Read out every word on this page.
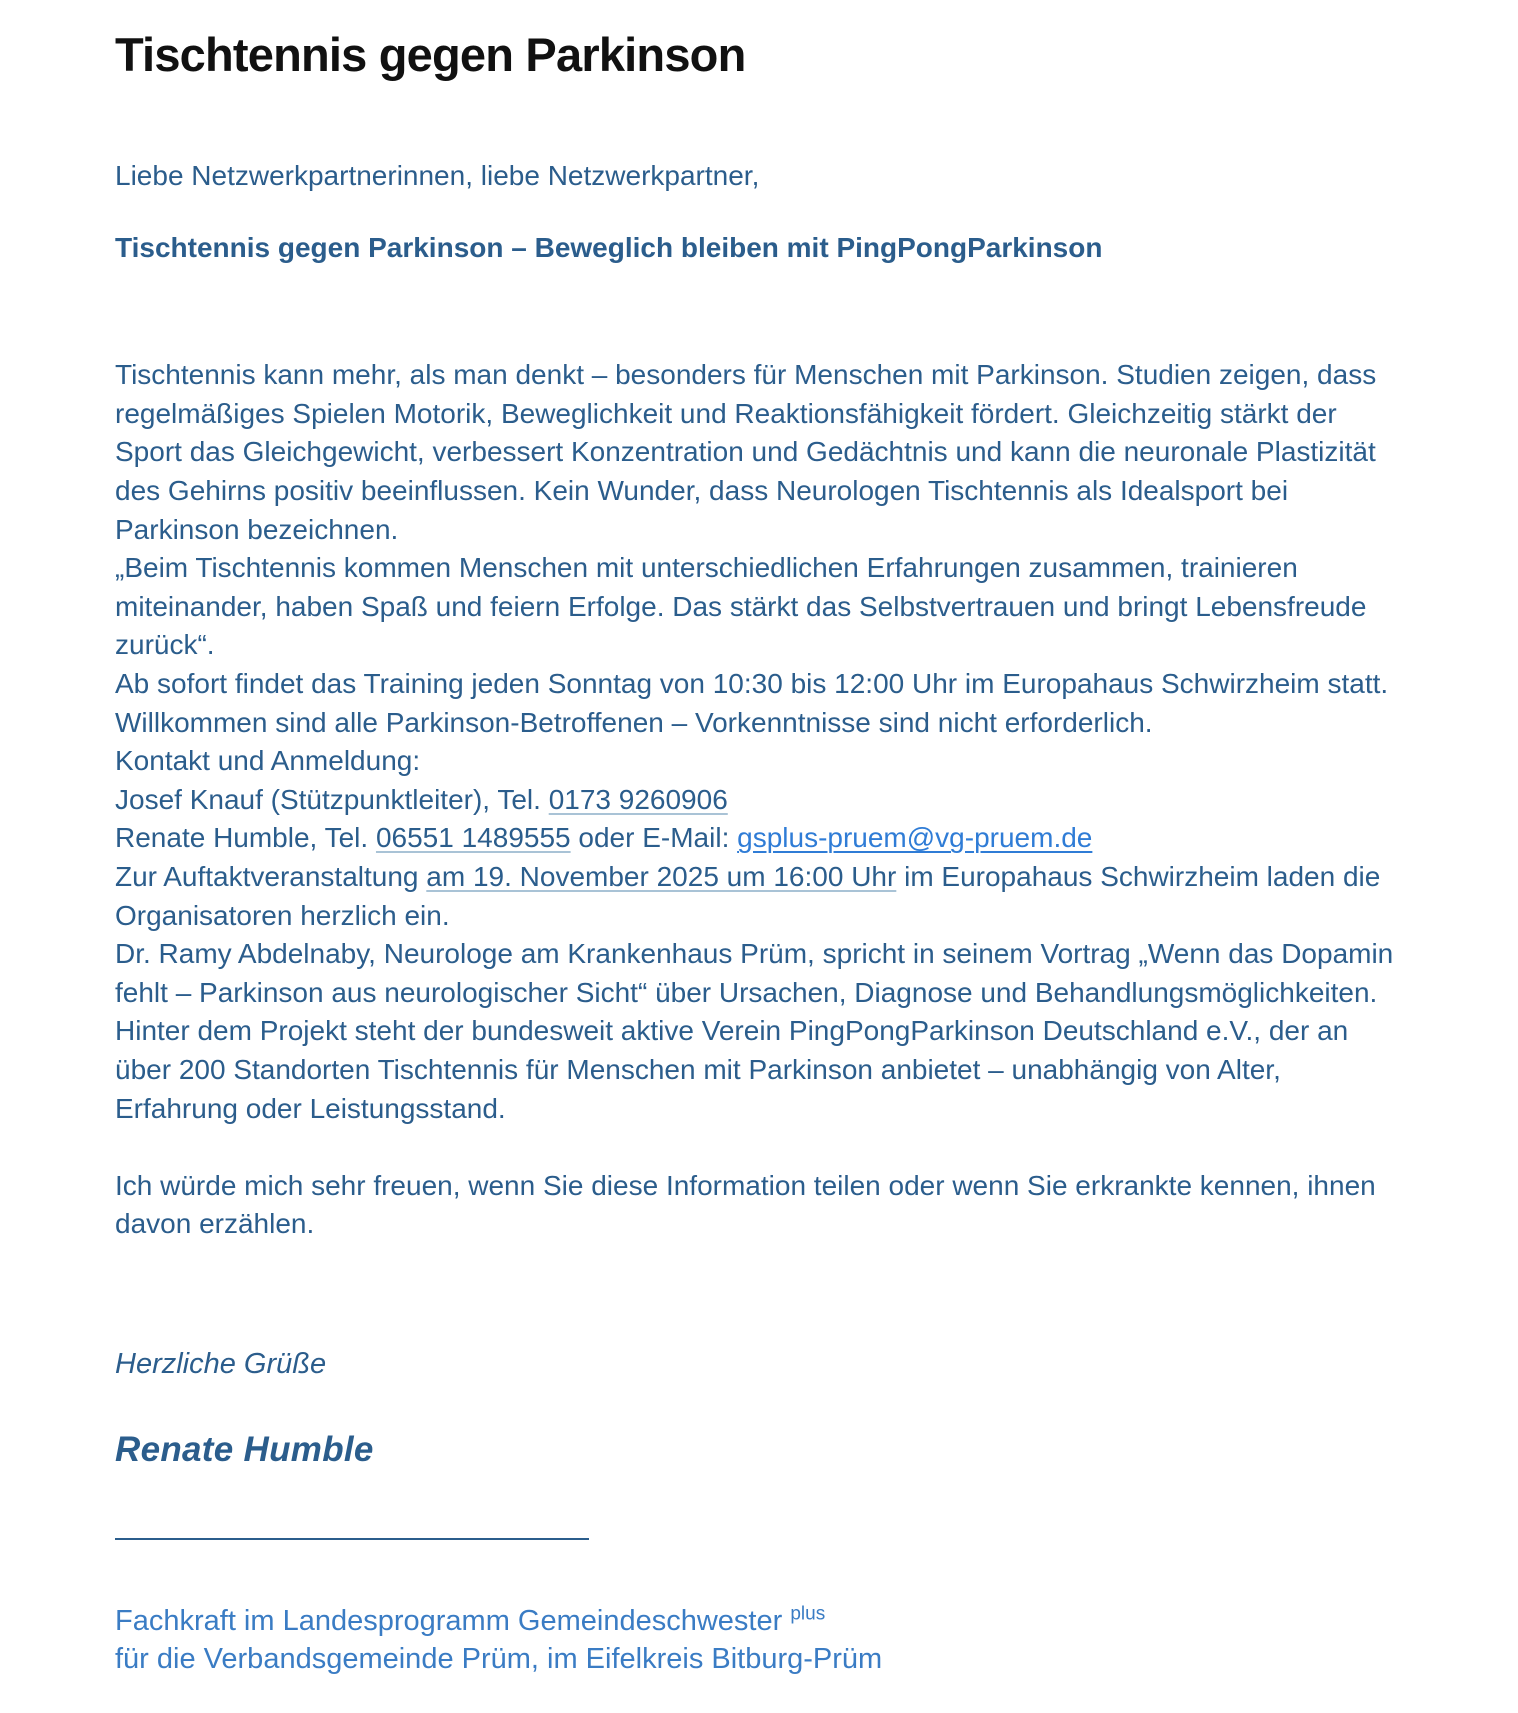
Tischtennis gegen Parkinson

Liebe Netzwerkpartnerinnen, liebe Netzwerkpartner,

Tischtennis gegen Parkinson – Beweglich bleiben mit PingPongParkinson

Tischtennis kann mehr, als man denkt – besonders für Menschen mit Parkinson. Studien zeigen, dass regelmäßiges Spielen Motorik, Beweglichkeit und Reaktionsfähigkeit fördert. Gleichzeitig stärkt der Sport das Gleichgewicht, verbessert Konzentration und Gedächtnis und kann die neuronale Plastizität des Gehirns positiv beeinflussen. Kein Wunder, dass Neurologen Tischtennis als Idealsport bei Parkinson bezeichnen.

„Beim Tischtennis kommen Menschen mit unterschiedlichen Erfahrungen zusammen, trainieren miteinander, haben Spaß und feiern Erfolge. Das stärkt das Selbstvertrauen und bringt Lebensfreude zurück“.

Ab sofort findet das Training jeden Sonntag von 10:30 bis 12:00 Uhr im Europahaus Schwirzheim statt. Willkommen sind alle Parkinson-Betroffenen – Vorkenntnisse sind nicht erforderlich.

Kontakt und Anmeldung:

Josef Knauf (Stützpunktleiter), Tel. 0173 9260906

Renate Humble, Tel. 06551 1489555 oder E-Mail: gsplus-pruem@vg-pruem.de

Zur Auftaktveranstaltung am 19. November 2025 um 16:00 Uhr im Europahaus Schwirzheim laden die Organisatoren herzlich ein.

Dr. Ramy Abdelnaby, Neurologe am Krankenhaus Prüm, spricht in seinem Vortrag „Wenn das Dopamin fehlt – Parkinson aus neurologischer Sicht“ über Ursachen, Diagnose und Behandlungsmöglichkeiten.

Hinter dem Projekt steht der bundesweit aktive Verein PingPongParkinson Deutschland e.V., der an über 200 Standorten Tischtennis für Menschen mit Parkinson anbietet – unabhängig von Alter, Erfahrung oder Leistungsstand.

Ich würde mich sehr freuen, wenn Sie diese Information teilen oder wenn Sie erkrankte kennen, ihnen davon erzählen.

Herzliche Grüße

Renate Humble

Fachkraft im Landesprogramm Gemeindeschwester $^{plus}$
für die Verbandsgemeinde Prüm, im Eifelkreis Bitburg-Prüm
